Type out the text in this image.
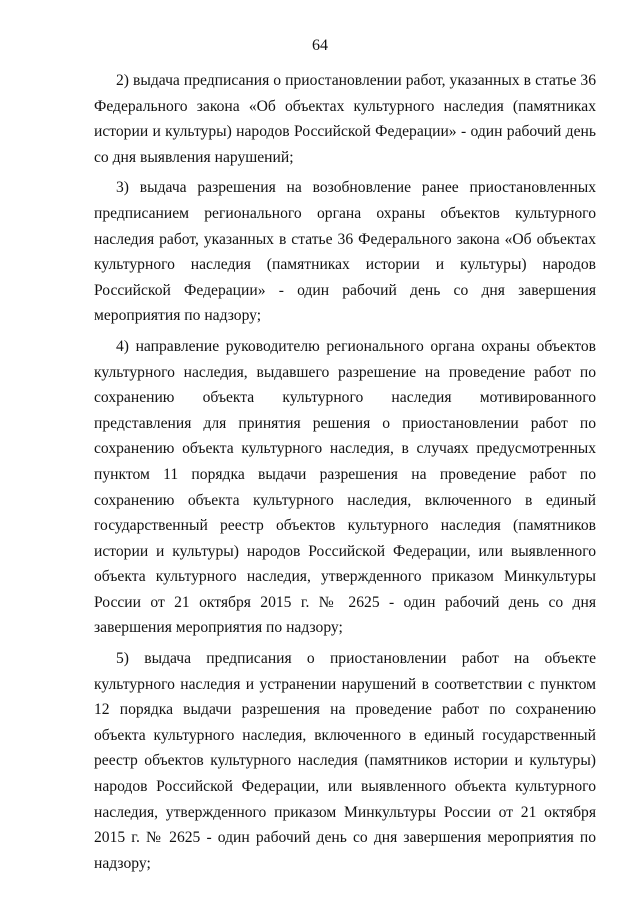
64

2) выдача предписания о приостановлении работ, указанных в статье 36 Федерального закона «Об объектах культурного наследия (памятниках истории и культуры) народов Российской Федерации» - один рабочий день со дня выявления нарушений;

3) выдача разрешения на возобновление ранее приостановленных предписанием регионального органа охраны объектов культурного наследия работ, указанных в статье 36 Федерального закона «Об объектах культурного наследия (памятниках истории и культуры) народов Российской Федерации» - один рабочий день со дня завершения мероприятия по надзору;

4) направление руководителю регионального органа охраны объектов культурного наследия, выдавшего разрешение на проведение работ по сохранению объекта культурного наследия мотивированного представления для принятия решения о приостановлении работ по сохранению объекта культурного наследия, в случаях предусмотренных пунктом 11 порядка выдачи разрешения на проведение работ по сохранению объекта культурного наследия, включенного в единый государственный реестр объектов культурного наследия (памятников истории и культуры) народов Российской Федерации, или выявленного объекта культурного наследия, утвержденного приказом Минкультуры России от 21 октября 2015 г. № 2625 - один рабочий день со дня завершения мероприятия по надзору;

5) выдача предписания о приостановлении работ на объекте культурного наследия и устранении нарушений в соответствии с пунктом 12 порядка выдачи разрешения на проведение работ по сохранению объекта культурного наследия, включенного в единый государственный реестр объектов культурного наследия (памятников истории и культуры) народов Российской Федерации, или выявленного объекта культурного наследия, утвержденного приказом Минкультуры России от 21 октября 2015 г. № 2625 - один рабочий день со дня завершения мероприятия по надзору;
